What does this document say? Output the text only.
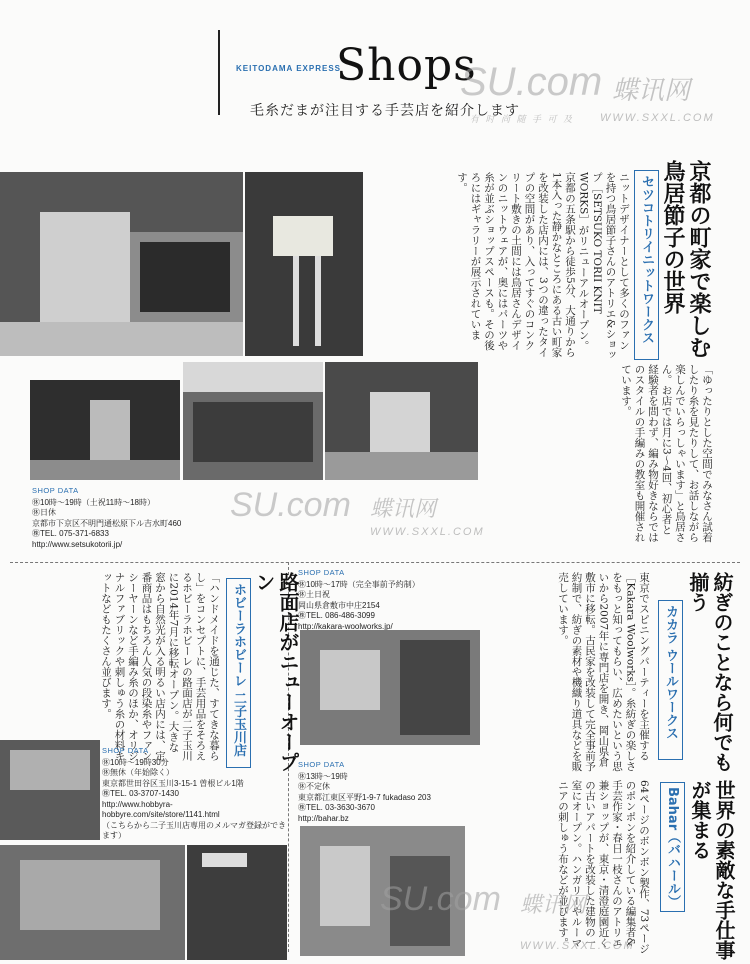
KEITODAMA EXPRESS
Shops
毛糸だまが注目する手芸店を紹介します
SU.com 蝶讯网
WWW.SXXL.COM
有 时 尚 随 手 可 及
京都の町家で楽しむ鳥居節子の世界
セツコトリイニットワークス
ニットデザイナーとして多くのファンを持つ鳥居節子さんのアトリエ&ショップ［SETSUKO TORII KNIT WORKS］がリニューアルオープン。京都の五条駅から徒歩5分、大通りから1本入った静かなところにある古い町家を改装した店内には、3つの違ったタイプの空間があり、入ってすぐのコンクリート敷きの土間には鳥居さんデザインのニットウェアが、奥にはパーツや糸が並ぶショップスペースも。その後ろにはギャラリーが展示されています。
「ゆったりとした空間でみなさん試着したり糸を見たりして、お話しながら楽しんでいらっしゃいます」と鳥居さん。お店では月に3〜4回、初心者と経験者を問わず、編み物好きならではのスタイルの手編みの教室も開催されています。
SHOP DATA
㊡10時〜19時（土祝11時〜18時）
㊡日休
京都市下京区不明門通松原下ル吉水町460
㊑TEL. 075-371-6833
http://www.setsukotorii.jp/
SU.com 蝶讯网
WWW.SXXL.COM
紡ぎのことなら何でも揃う
カカラ ウールワークス
東京でスピニングパーティーを主催する［Kakara Woolworks］。糸紡ぎの楽しさをもっと知ってもらい、広めたいという思いから2007年に専門店を開き、岡山県倉敷市に移転。古民家を改装して完全事前予約制で、紡ぎの素材や機織り道具などを販売しています。
SHOP DATA
㊡10時〜17時（完全事前予約制）
㊡土日祝
岡山県倉敷市中庄2154
㊑TEL. 086-486-3099
http://kakara-woolworks.jp/
路面店がニューオープン
ホビーラホビーレ 二子玉川店
「ハンドメイドを通じた、すてきな暮らし」をコンセプトに、手芸用品をそろえるホビーラホビーレの路面店が二子玉川に2014年7月に移転オープン。大きな窓から自然光が入る明るい店内には、定番商品はもちろん人気の段染糸やファンシーヤーンなど手編み糸のほか、オリジナルファブリックや刺しゅう糸の材料キットなどもたくさん並びます。
SHOP DATA
㊡10時〜19時30分
㊡無休（年始除く）
東京都世田谷区玉川3-15-1 曽根ビル1階
㊑TEL. 03-3707-1430
http://www.hobbyra-hobbyre.com/site/store/1141.html
（こちらから二子玉川店専用のメルマガ登録ができます）	世界の素敵な手仕事が集まる
Bahar（バハール）
64ページのボンボン製作、73ページのポンポンを紹介している編集者&手芸作家・春日一枝さんのアトリエ兼ショップが、東京・清澄庭園近くの古いアパートを改装した建物の一室にオープン。ハンガリーやルーマニアの刺しゅう布などが並びます。
SHOP DATA
㊡13時〜19時
㊡不定休
東京都江東区平野1-9-7 fukadaso 203
㊑TEL. 03-3630-3670
http://bahar.bz
SU.com 蝶讯网
WWW.SXXL.COM
